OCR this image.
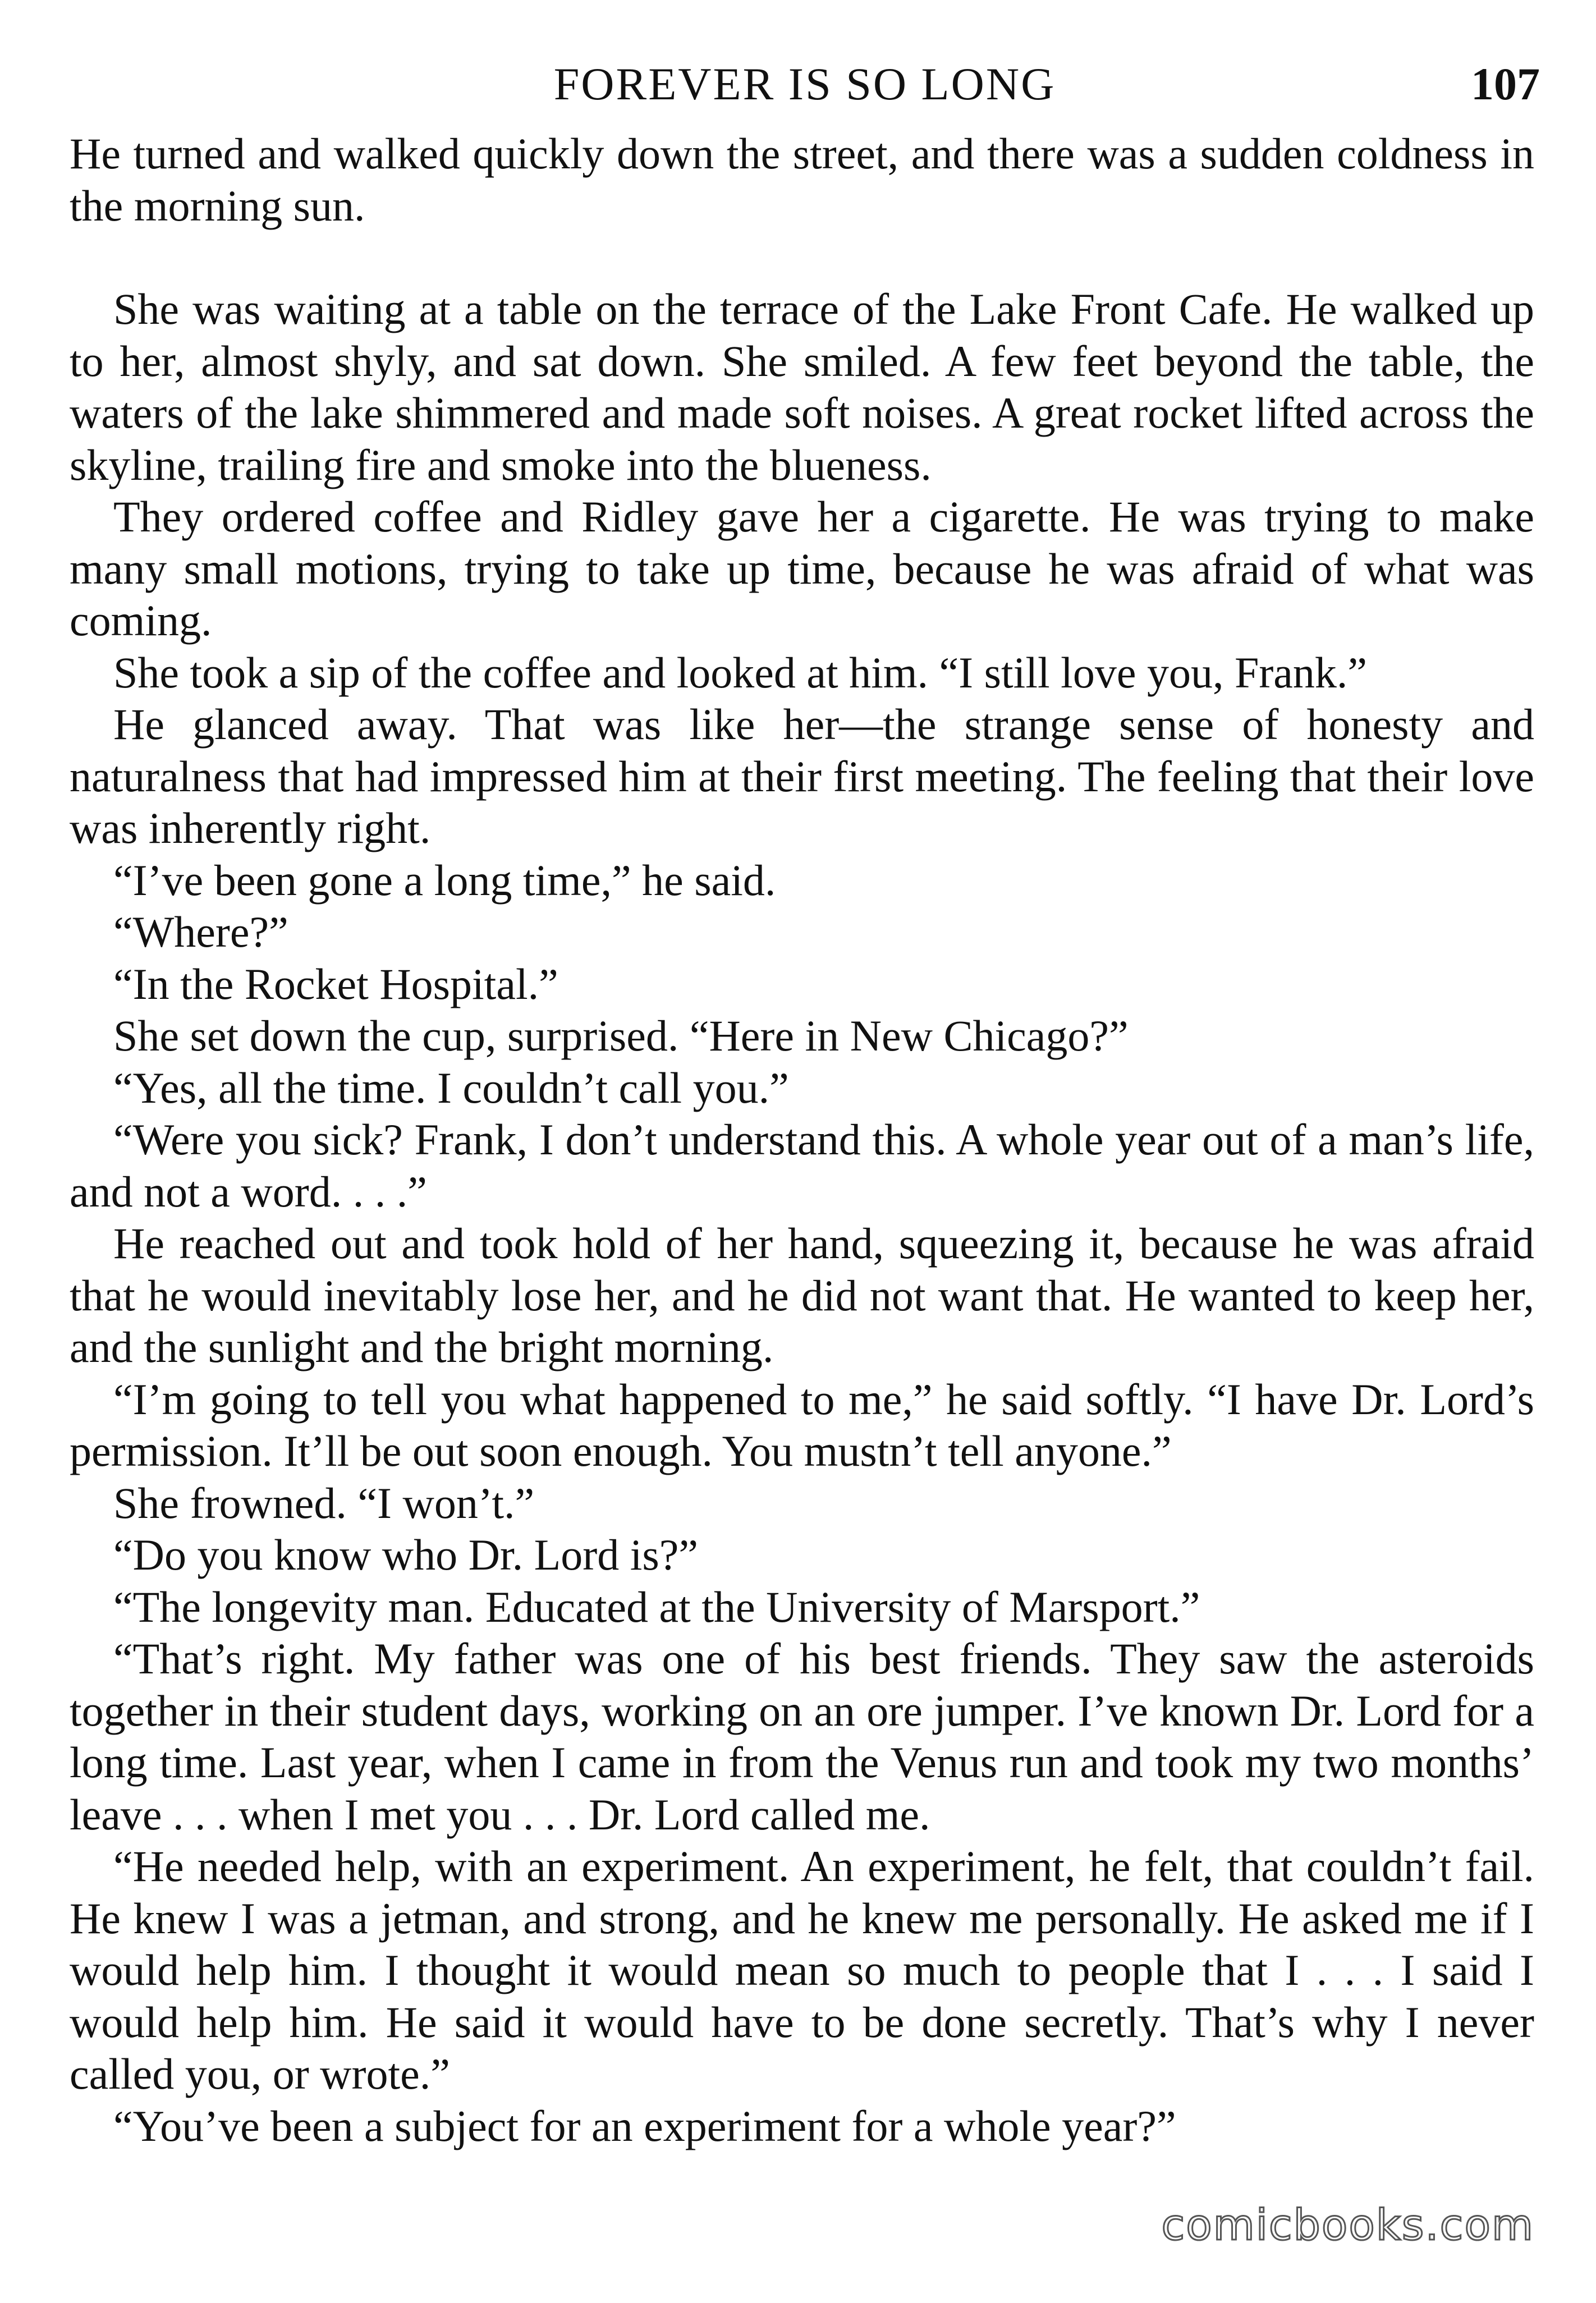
FOREVER IS SO LONG	107

He turned and walked quickly down the street, and there was a sudden coldness in the morning sun.

She was waiting at a table on the terrace of the Lake Front Cafe. He walked up to her, almost shyly, and sat down. She smiled. A few feet beyond the table, the waters of the lake shimmered and made soft noises. A great rocket lifted across the skyline, trailing fire and smoke into the blueness.

They ordered coffee and Ridley gave her a cigarette. He was trying to make many small motions, trying to take up time, because he was afraid of what was coming.

She took a sip of the coffee and looked at him. “I still love you, Frank.”

He glanced away. That was like her—the strange sense of honesty and naturalness that had impressed him at their first meeting. The feeling that their love was inherently right.

“I’ve been gone a long time,” he said.

“Where?”

“In the Rocket Hospital.”

She set down the cup, surprised. “Here in New Chicago?”

“Yes, all the time. I couldn’t call you.”

“Were you sick? Frank, I don’t understand this. A whole year out of a man’s life, and not a word. . . .”

He reached out and took hold of her hand, squeezing it, because he was afraid that he would inevitably lose her, and he did not want that. He wanted to keep her, and the sunlight and the bright morning.

“I’m going to tell you what happened to me,” he said softly. “I have Dr. Lord’s permission. It’ll be out soon enough. You mustn’t tell anyone.”

She frowned. “I won’t.”

“Do you know who Dr. Lord is?”

“The longevity man. Educated at the University of Marsport.”

“That’s right. My father was one of his best friends. They saw the asteroids together in their student days, working on an ore jumper. I’ve known Dr. Lord for a long time. Last year, when I came in from the Venus run and took my two months’ leave . . . when I met you . . . Dr. Lord called me.

“He needed help, with an experiment. An experiment, he felt, that couldn’t fail. He knew I was a jetman, and strong, and he knew me personally. He asked me if I would help him. I thought it would mean so much to people that I . . . I said I would help him. He said it would have to be done secretly. That’s why I never called you, or wrote.”

“You’ve been a subject for an experiment for a whole year?”

comicbooks.com
